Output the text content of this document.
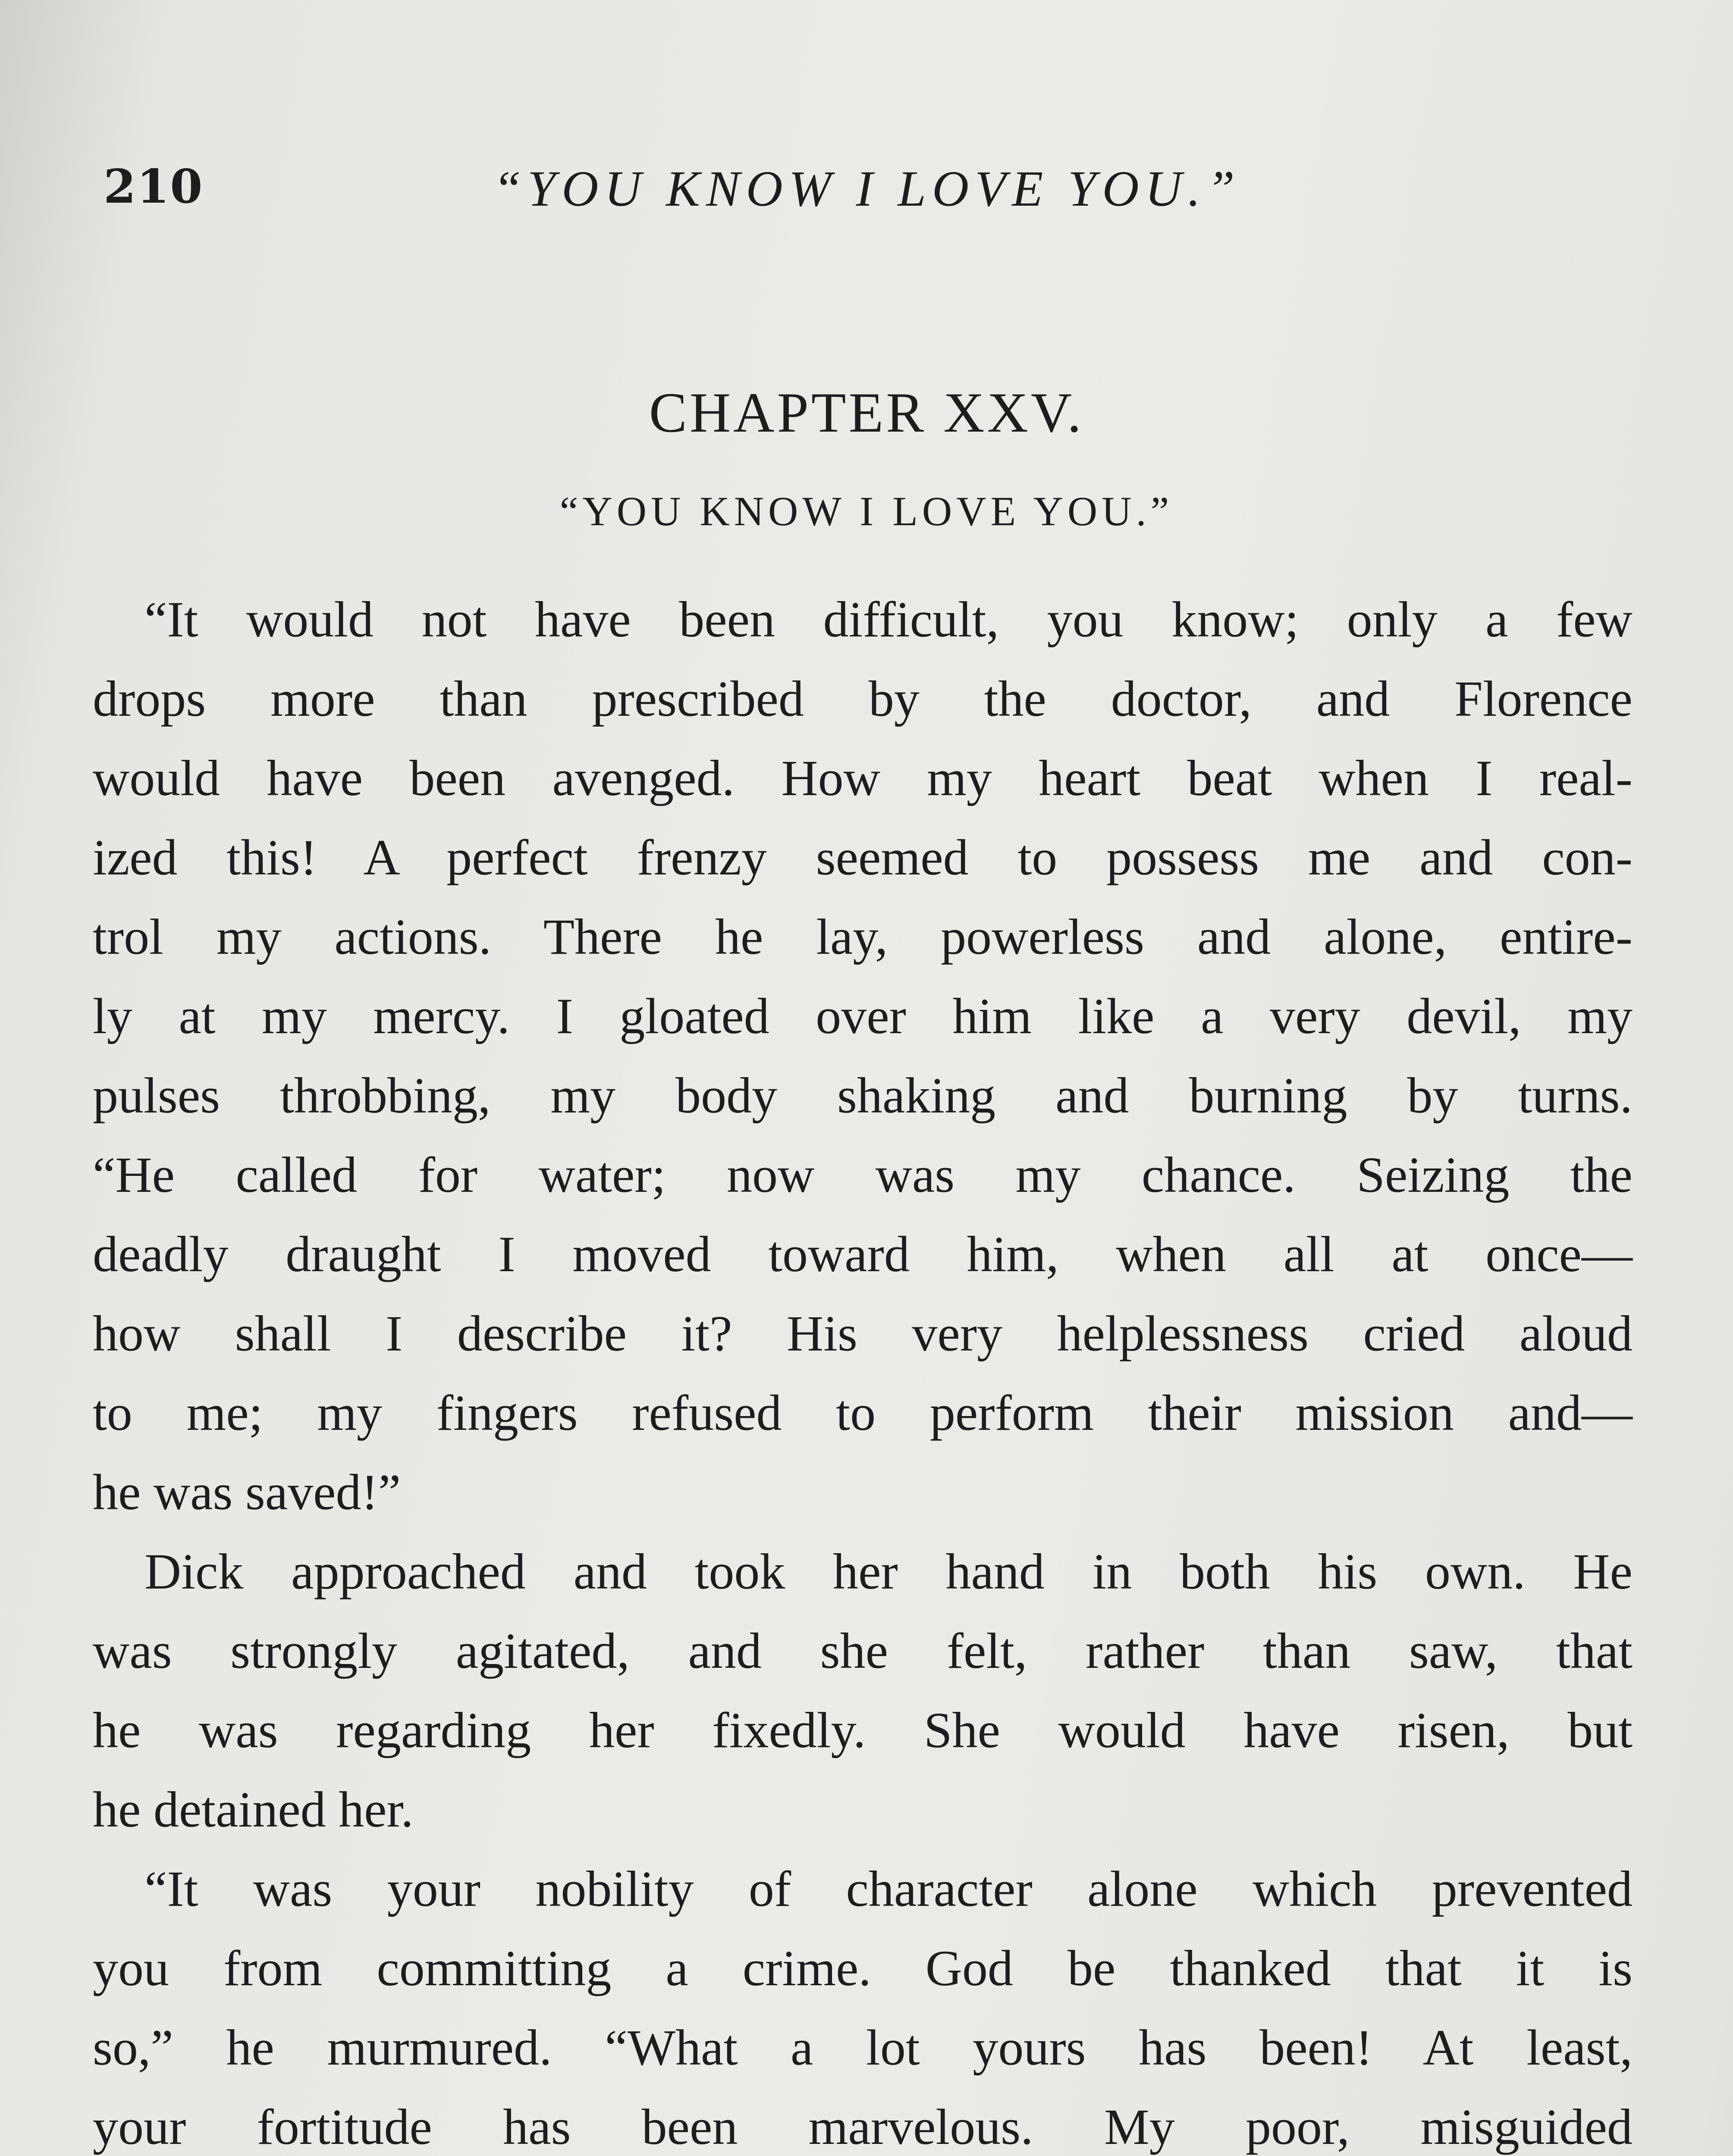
210	“YOU KNOW I LOVE YOU.”
CHAPTER XXV.
“YOU KNOW I LOVE YOU.”
“It would not have been difficult, you know; only a few
drops more than prescribed by the doctor, and Florence
would have been avenged. How my heart beat when I real-
ized this! A perfect frenzy seemed to possess me and con-
trol my actions. There he lay, powerless and alone, entire-
ly at my mercy. I gloated over him like a very devil, my
pulses throbbing, my body shaking and burning by turns.
“He called for water; now was my chance. Seizing the
deadly draught I moved toward him, when all at once—
how shall I describe it? His very helplessness cried aloud
to me; my fingers refused to perform their mission and—
he was saved!”
Dick approached and took her hand in both his own. He
was strongly agitated, and she felt, rather than saw, that
he was regarding her fixedly. She would have risen, but
he detained her.
“It was your nobility of character alone which prevented
you from committing a crime. God be thanked that it is
so,” he murmured. “What a lot yours has been! At least,
your fortitude has been marvelous. My poor, misguided
